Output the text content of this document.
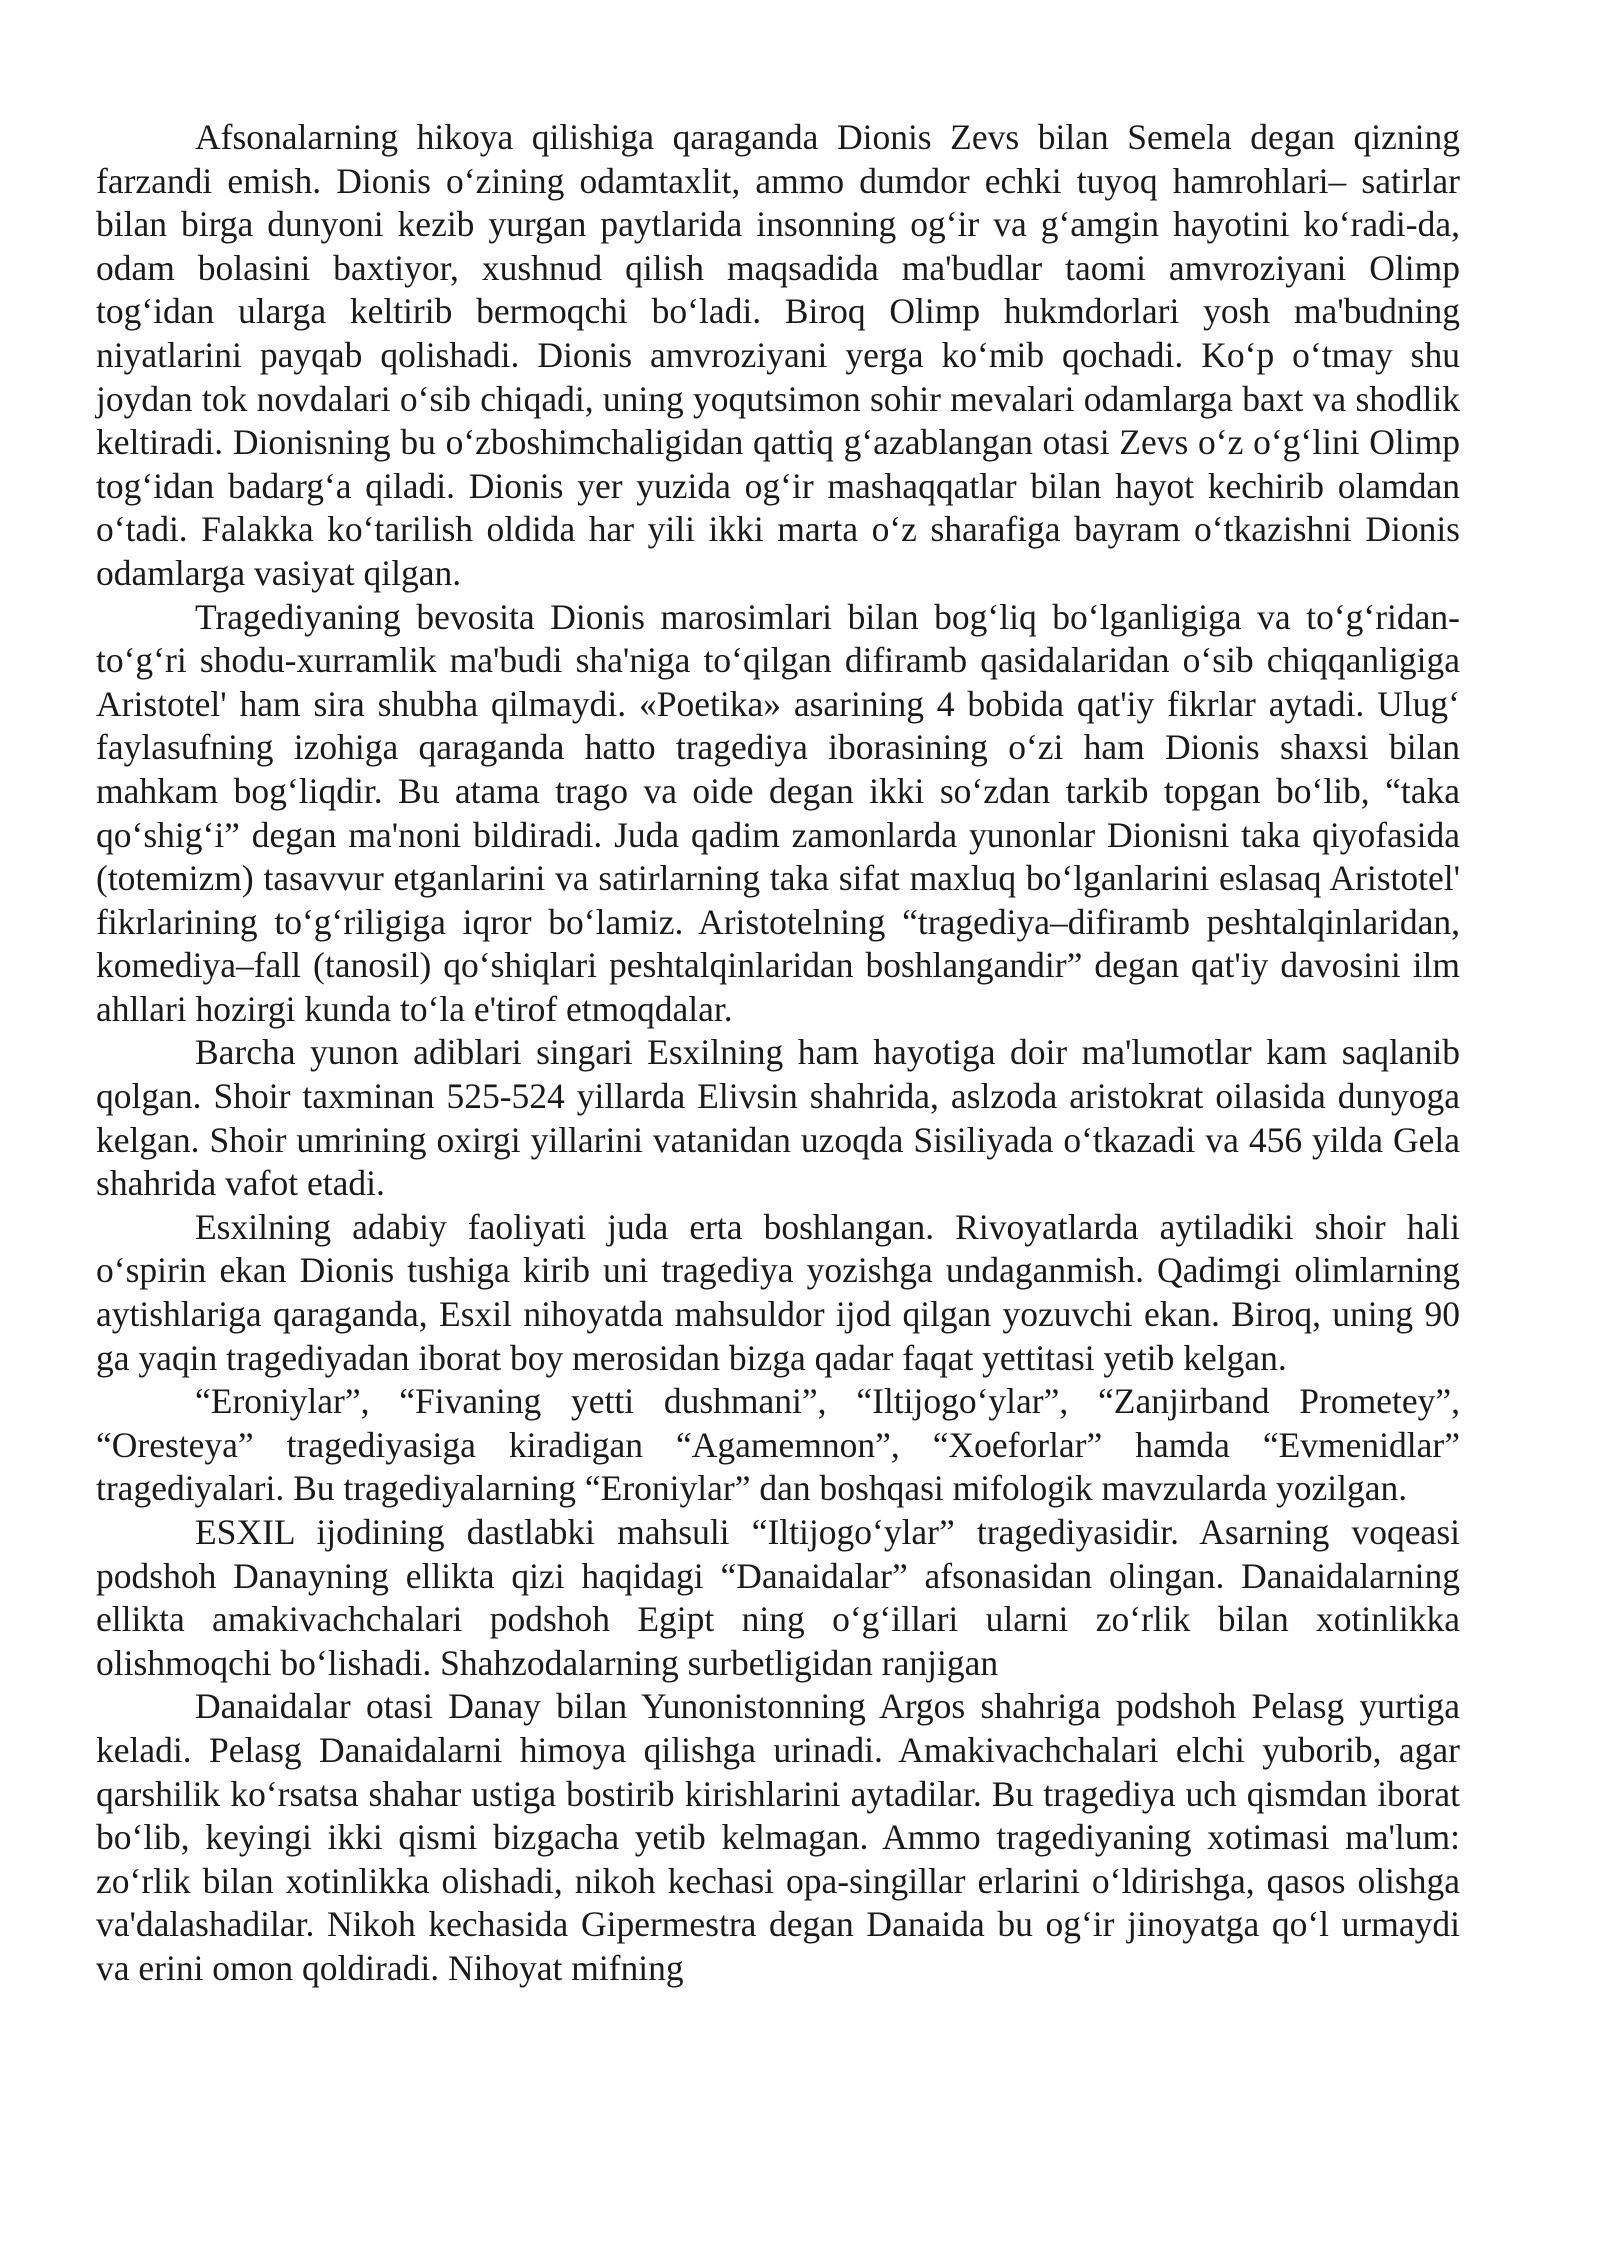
Afsonalarning hikoya qilishiga qaraganda Dionis Zevs bilan Semela degan qizning farzandi emish. Dionis o‘zining odamtaxlit, ammo dumdor echki tuyoq hamrohlari– satirlar bilan birga dunyoni kezib yurgan paytlarida insonning og‘ir va g‘amgin hayotini ko‘radi-da, odam bolasini baxtiyor, xushnud qilish maqsadida ma'budlar taomi amvroziyani Olimp tog‘idan ularga keltirib bermoqchi bo‘ladi. Biroq Olimp hukmdorlari yosh ma'budning niyatlarini payqab qolishadi. Dionis amvroziyani yerga ko‘mib qochadi. Ko‘p o‘tmay shu joydan tok novdalari o‘sib chiqadi, uning yoqutsimon sohir mevalari odamlarga baxt va shodlik keltiradi. Dionisning bu o‘zboshimchaligidan qattiq g‘azablangan otasi Zevs o‘z o‘g‘lini Olimp tog‘idan badarg‘a qiladi. Dionis yer yuzida og‘ir mashaqqatlar bilan hayot kechirib olamdan o‘tadi. Falakka ko‘tarilish oldida har yili ikki marta o‘z sharafiga bayram o‘tkazishni Dionis odamlarga vasiyat qilgan.

Tragediyaning bevosita Dionis marosimlari bilan bog‘liq bo‘lganligiga va to‘g‘ridan-to‘g‘ri shodu-xurramlik ma'budi sha'niga to‘qilgan difiramb qasidalaridan o‘sib chiqqanligiga Aristotel' ham sira shubha qilmaydi. «Poetika» asarining 4 bobida qat'iy fikrlar aytadi. Ulug‘ faylasufning izohiga qaraganda hatto tragediya iborasining o‘zi ham Dionis shaxsi bilan mahkam bog‘liqdir. Bu atama trago va oide degan ikki so‘zdan tarkib topgan bo‘lib, “taka qo‘shig‘i” degan ma'noni bildiradi. Juda qadim zamonlarda yunonlar Dionisni taka qiyofasida (totemizm) tasavvur etganlarini va satirlarning taka sifat maxluq bo‘lganlarini eslasaq Aristotel' fikrlarining to‘g‘riligiga iqror bo‘lamiz. Aristotelning “tragediya–difiramb peshtalqinlaridan, komediya–fall (tanosil) qo‘shiqlari peshtalqinlaridan boshlangandir” degan qat'iy davosini ilm ahllari hozirgi kunda to‘la e'tirof etmoqdalar.

Barcha yunon adiblari singari Esxilning ham hayotiga doir ma'lumotlar kam saqlanib qolgan. Shoir taxminan 525-524 yillarda Elivsin shahrida, aslzoda aristokrat oilasida dunyoga kelgan. Shoir umrining oxirgi yillarini vatanidan uzoqda Sisiliyada o‘tkazadi va 456 yilda Gela shahrida vafot etadi.

Esxilning adabiy faoliyati juda erta boshlangan. Rivoyatlarda aytiladiki shoir hali o‘spirin ekan Dionis tushiga kirib uni tragediya yozishga undaganmish. Qadimgi olimlarning aytishlariga qaraganda, Esxil nihoyatda mahsuldor ijod qilgan yozuvchi ekan. Biroq, uning 90 ga yaqin tragediyadan iborat boy merosidan bizga qadar faqat yettitasi yetib kelgan.

“Eroniylar”, “Fivaning yetti dushmani”, “Iltijogo‘ylar”, “Zanjirband Prometey”, “Oresteya” tragediyasiga kiradigan “Agamemnon”, “Xoeforlar” hamda “Evmenidlar” tragediyalari. Bu tragediyalarning “Eroniylar” dan boshqasi mifologik mavzularda yozilgan.

ESXIL ijodining dastlabki mahsuli “Iltijogo‘ylar” tragediyasidir. Asarning voqeasi podshoh Danayning ellikta qizi haqidagi “Danaidalar” afsonasidan olingan. Danaidalarning ellikta amakivachchalari podshoh Egipt ning o‘g‘illari ularni zo‘rlik bilan xotinlikka olishmoqchi bo‘lishadi. Shahzodalarning surbetligidan ranjigan

Danaidalar otasi Danay bilan Yunonistonning Argos shahriga podshoh Pelasg yurtiga keladi. Pelasg Danaidalarni himoya qilishga urinadi. Amakivachchalari elchi yuborib, agar qarshilik ko‘rsatsa shahar ustiga bostirib kirishlarini aytadilar. Bu tragediya uch qismdan iborat bo‘lib, keyingi ikki qismi bizgacha yetib kelmagan. Ammo tragediyaning xotimasi ma'lum: zo‘rlik bilan xotinlikka olishadi, nikoh kechasi opa-singillar erlarini o‘ldirishga, qasos olishga va'dalashadilar. Nikoh kechasida Gipermestra degan Danaida bu og‘ir jinoyatga qo‘l urmaydi va erini omon qoldiradi. Nihoyat mifning
